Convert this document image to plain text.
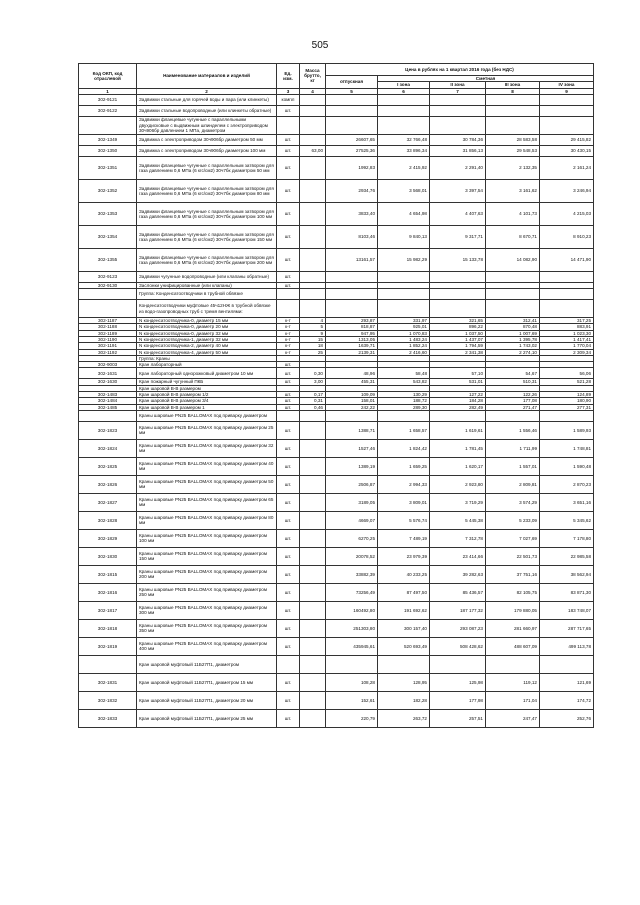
505
Код ОКП, код отраслевой	Наименование материалов и изделий	Ед. изм.	Масса брутто, кг	Цена в рублях на 1 квартал 2016 года (без НДС)				
				отпускная	Сметная			
					I зона	II зона	III зона	IV зона
1	2	3	4	5	6	7	8	9
302-9121	Задвижки стальные для горячей воды и пара (или клинкеты)	компл						
302-9122	Задвижки стальные водопроводные (или клинкеты обратные)	шт.						
	Задвижки фланцевые чугунные с параллельными двухдисковые с выдвижным шпинделем с электроприводом 30ч906бр давлением 1 МПа, диаметром							
302-1349	Задвижка с электроприводом 30ч906бр диаметром 50 мм	шт.		26607,65	32 766,48	30 784,36	28 583,58	29 415,82
302-1350	Задвижка с электроприводом 30ч906бр диаметром 100 мм	шт.	63,00	27525,36	33 896,34	31 856,13	29 548,53	30 430,15
302-1351	Задвижки фланцевые чугунные с параллельным затвором для газа давлением 0,6 МПа (6 кгс/см2) 30ч7бк диаметром 50 мм	шт.		1992,83	2 415,92	2 291,40	2 132,35	2 161,24
302-1352	Задвижки фланцевые чугунные с параллельным затвором для газа давлением 0,6 МПа (6 кгс/см2) 30ч7бк диаметром 80 мм	шт.		2934,76	3 568,01	3 397,54	3 161,62	3 246,94
302-1353	Задвижки фланцевые чугунные с параллельным затвором для газа давлением 0,6 МПа (6 кгс/см2) 30ч7бк диаметром 100 мм	шт.		3833,40	4 654,98	4 407,63	4 101,73	4 215,03
302-1354	Задвижки фланцевые чугунные с параллельным затвором для газа давлением 0,6 МПа (6 кгс/см2) 30ч7бк диаметром 150 мм	шт.		8103,46	9 840,13	9 317,71	8 670,71	8 910,23
302-1355	Задвижки фланцевые чугунные с параллельным затвором для газа давлением 0,6 МПа (6 кгс/см2) 30ч7бк диаметром 200 мм	шт.		13161,57	15 982,29	15 133,78	14 082,90	14 471,90
302-9123	Задвижки чугунные водопроводные (или клапаны обратные)	шт.						
302-9130	Заслонки унифицированные (или клапаны)	шт.						
	Группа: Конденсатоотводчики в трубной обвязке							
	Конденсатоотводчики муфтовые 45ч12НЖ в трубной обвязке из водо-газопроводных труб с тремя вентилями:							
302-1187	N конденсатоотводчика-0, диаметр 15 мм	к-т	4	293,87	331,97	321,65	312,41	317,25
302-1188	N конденсатоотводчика-0, диаметр 20 мм	к-т	5	818,87	925,01	896,22	870,48	883,91
302-1189	N конденсатоотводчика-0, диаметр 32 мм	к-т	9	947,95	1 070,83	1 037,50	1 007,69	1 023,30
302-1190	N конденсатоотводчика-1, диаметр 32 мм	к-т	15	1313,05	1 483,24	1 437,07	1 395,78	1 417,41
302-1191	N конденсатоотводчика-2, диаметр 40 мм	к-т	18	1639,71	1 852,24	1 794,59	1 743,02	1 770,04
302-1192	N конденсатоотводчика-4, диаметр 50 мм	к-т	25	2139,31	2 416,60	2 341,38	2 274,10	2 309,34
	Группа: Краны							
302-9003	Кран лабораторный	шт.						
302-1631	Кран лабораторный однорожковый диаметром 10 мм	шт.	0,30	48,96	58,48	57,10	54,67	56,06
302-1630	Кран пожарный чугунный ПКБ	шт.	3,00	455,31	543,82	531,01	510,31	521,28
	Кран шаровой В-В размером							
302-1483	Кран шаровой В-В размером 1/2	шт.	0,17	109,09	130,29	127,22	122,26	124,89
302-1484	Кран шаровой В-В размером 3/4	шт.	0,31	158,01	188,72	184,28	177,08	180,90
302-1485	Кран шаровой В-В размером 1	шт.	0,46	242,22	289,30	282,49	271,47	277,31
	Краны шаровые PN25 BALLOMAX под приварку диаметром							
302-1823	Краны шаровые PN25 BALLOMAX под приварку диаметром 25 мм	шт.		1388,71	1 658,57	1 619,61	1 556,46	1 589,93
302-1824	Краны шаровые PN25 BALLOMAX под приварку диаметром 32 мм	шт.		1527,46	1 824,42	1 781,45	1 711,99	1 748,81
302-1825	Краны шаровые PN25 BALLOMAX под приварку диаметром 40 мм	шт.		1389,19	1 659,25	1 620,17	1 557,01	1 590,48
302-1826	Краны шаровые PN25 BALLOMAX под приварку диаметром 50 мм	шт.		2506,87	2 994,33	2 923,80	2 809,81	2 870,23
302-1827	Краны шаровые PN25 BALLOMAX под приварку диаметром 65 мм	шт.		3189,05	3 809,01	3 719,29	3 574,29	3 651,16
302-1828	Краны шаровые PN25 BALLOMAX под приварку диаметром 80 мм	шт.		4669,07	5 576,74	5 445,38	5 233,09	5 345,62
302-1829	Краны шаровые PN25 BALLOMAX под приварку диаметром 100 мм	шт.		6270,25	7 489,19	7 312,78	7 027,69	7 178,80
302-1830	Краны шаровые PN25 BALLOMAX под приварку диаметром 150 мм	шт.		20078,52	23 979,39	23 414,66	22 501,73	22 985,58
302-1815	Краны шаровые PN25 BALLOMAX под приварку диаметром 200 мм	шт.		33882,39	40 233,25	39 282,63	37 751,16	38 562,94
302-1816	Краны шаровые PN25 BALLOMAX под приварку диаметром 250 мм	шт.		73256,49	87 497,50	85 436,57	82 105,75	83 871,30
302-1817	Краны шаровые PN25 BALLOMAX под приварку диаметром 300 мм	шт.		160492,80	191 692,62	187 177,32	179 880,05	183 748,07
302-1818	Краны шаровые PN25 BALLOMAX под приварку диаметром 350 мм	шт.		251303,80	300 157,40	293 087,23	281 660,97	287 717,65
302-1819	Краны шаровые PN25 BALLOMAX под приварку диаметром 400 мм	шт.		435945,61	520 693,49	508 428,62	488 607,09	499 113,78
	Кран шаровой муфтовый 11Б27П1, диаметром							
302-1831	Кран шаровой муфтовый 11Б27П1, диаметром 15 мм	шт.		108,28	128,95	125,98	119,12	121,69
302-1832	Кран шаровой муфтовый 11Б27П1, диаметром 20 мм	шт.		152,61	182,28	177,98	171,04	174,72
302-1833	Кран шаровой муфтовый 11Б27П1, диаметром 25 мм	шт.		220,79	263,72	257,51	247,47	252,76
